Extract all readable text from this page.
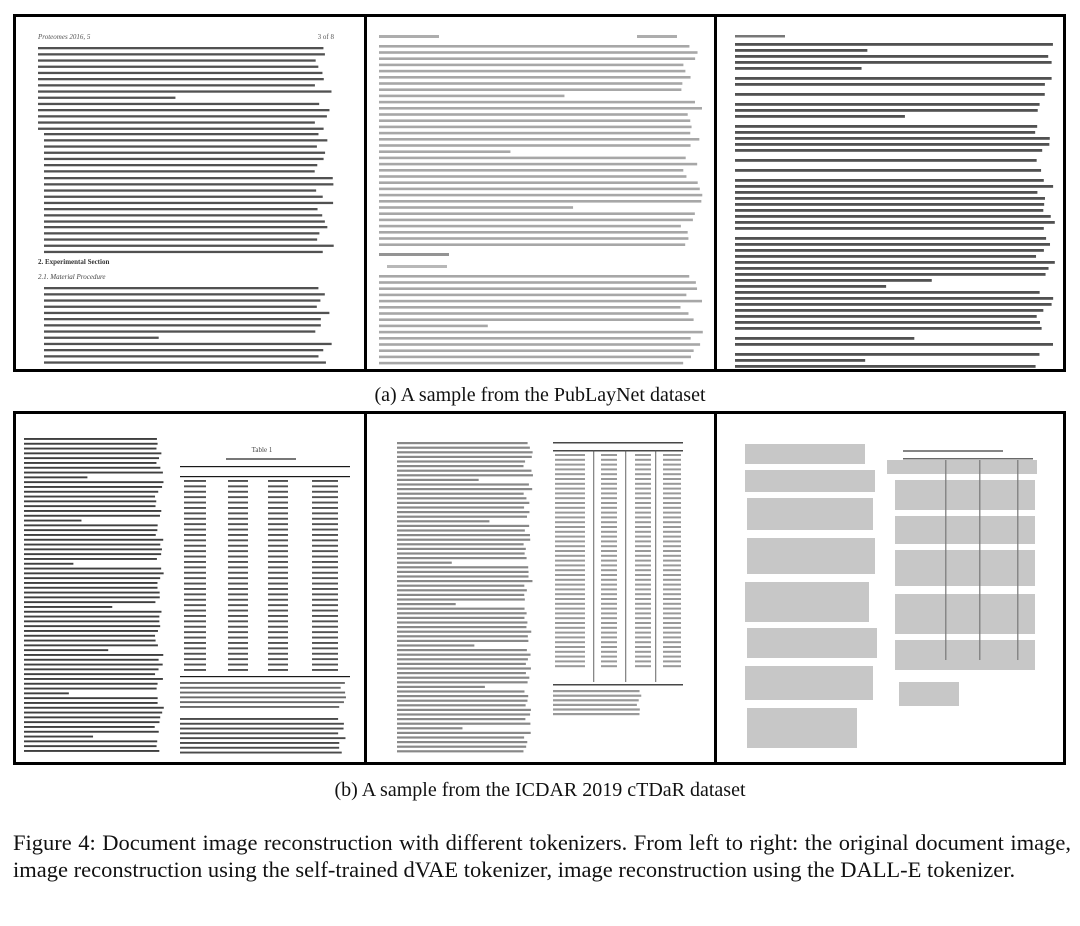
Proteomes 2016, 5	3 of 8
2. Experimental Section
2.1. Material Procedure
(a) A sample from the PubLayNet dataset
Table 1
(b) A sample from the ICDAR 2019 cTDaR dataset
Figure 4: Document image reconstruction with different tokenizers. From left to right: the original document image, image reconstruction using the self-trained dVAE tokenizer, image reconstruction using the DALL-E tokenizer.
